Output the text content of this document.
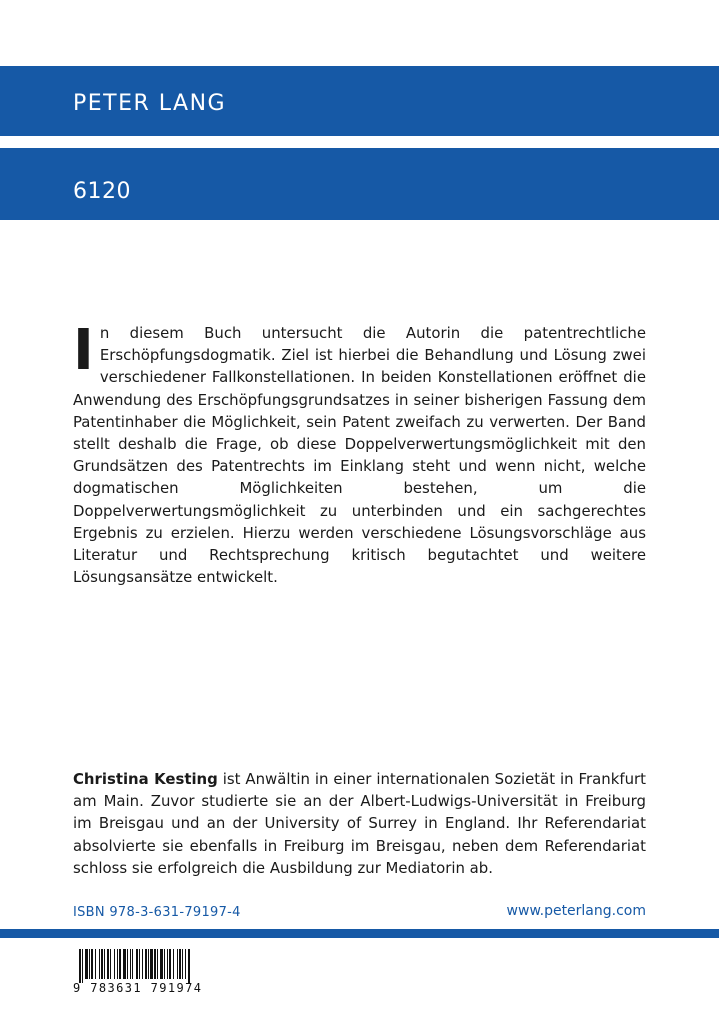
PETER LANG
6120

In diesem Buch untersucht die Autorin die patentrechtliche Erschöpfungsdogmatik. Ziel ist hierbei die Behandlung und Lösung zwei verschiedener Fallkonstellationen. In beiden Konstellationen eröffnet die Anwendung des Erschöpfungsgrundsatzes in seiner bisherigen Fassung dem Patentinhaber die Möglichkeit, sein Patent zweifach zu verwerten. Der Band stellt deshalb die Frage, ob diese Doppelverwertungsmöglichkeit mit den Grundsätzen des Patentrechts im Einklang steht und wenn nicht, welche dogmatischen Möglichkeiten bestehen, um die Doppelverwertungsmöglichkeit zu unterbinden und ein sachgerechtes Ergebnis zu erzielen. Hierzu werden verschiedene Lösungsvorschläge aus Literatur und Rechtsprechung kritisch begutachtet und weitere Lösungsansätze entwickelt.

Christina Kesting ist Anwältin in einer internationalen Sozietät in Frankfurt am Main. Zuvor studierte sie an der Albert-Ludwigs-Universität in Freiburg im Breisgau und an der University of Surrey in England. Ihr Referendariat absolvierte sie ebenfalls in Freiburg im Breisgau, neben dem Referendariat schloss sie erfolgreich die Ausbildung zur Mediatorin ab.

ISBN 978-3-631-79197-4	www.peterlang.com
9 783631 791974
